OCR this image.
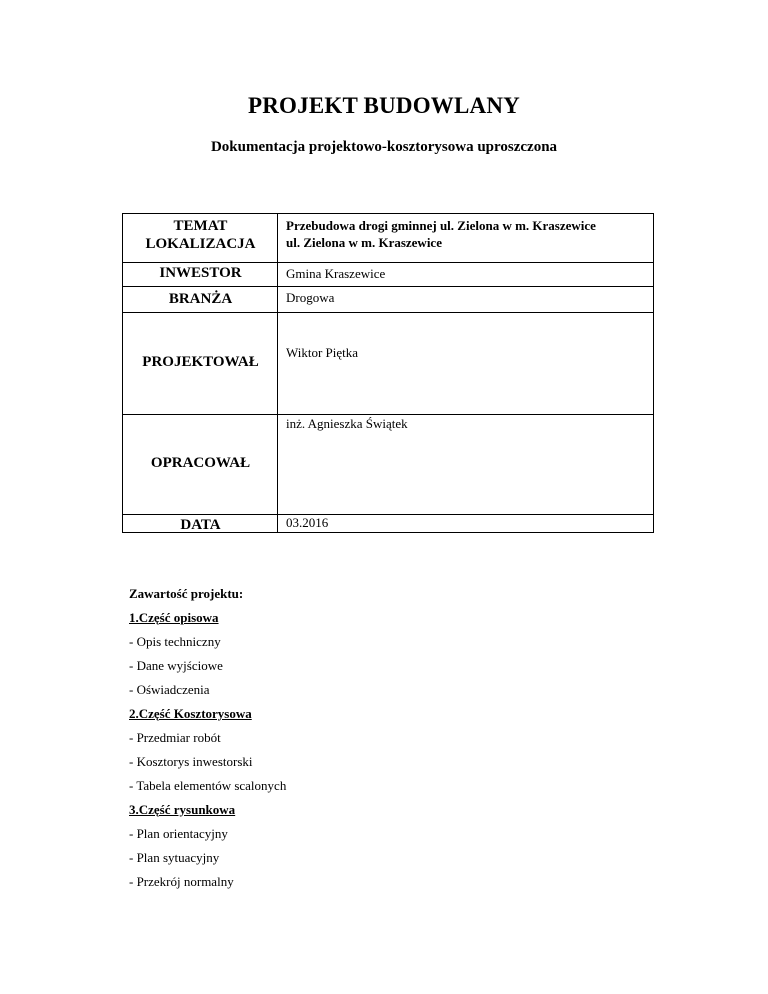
PROJEKT BUDOWLANY
Dokumentacja projektowo-kosztorysowa uproszczona
TEMAT
LOKALIZACJA
INWESTOR
BRANŻA
PROJEKTOWAŁ
OPRACOWAŁ
DATA
Przebudowa drogi gminnej ul. Zielona w m. Kraszewice
ul. Zielona w m. Kraszewice
Gmina Kraszewice
Drogowa
Wiktor Piętka
inż. Agnieszka Świątek
03.2016
Zawartość projektu:
1.Część opisowa
- Opis techniczny
- Dane wyjściowe
- Oświadczenia
2.Część Kosztorysowa
- Przedmiar robót
- Kosztorys inwestorski
- Tabela elementów scalonych
3.Część rysunkowa
- Plan orientacyjny
- Plan sytuacyjny
- Przekrój normalny
